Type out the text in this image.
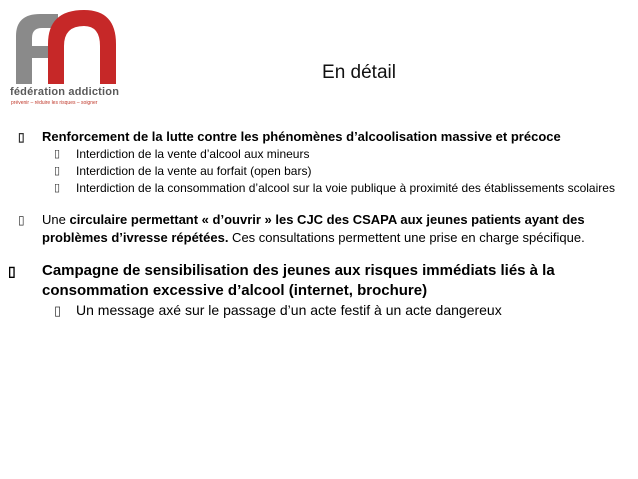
fédération addiction
prévenir – réduire les risques – soigner
En détail
▯ Renforcement de la lutte contre les phénomènes d’alcoolisation massive et précoce
▯ Interdiction de la vente d’alcool aux mineurs
▯ Interdiction de la vente au forfait (open bars)
▯ Interdiction de la consommation d’alcool sur la voie publique à proximité des établissements scolaires
▯ Une circulaire permettant « d’ouvrir » les CJC des CSAPA aux jeunes patients ayant des problèmes d’ivresse répétées. Ces consultations permettent une prise en charge spécifique.
▯ Campagne de sensibilisation des jeunes aux risques immédiats liés à la consommation excessive d’alcool (internet, brochure)
▯ Un message axé sur le passage d’un acte festif à un acte dangereux
